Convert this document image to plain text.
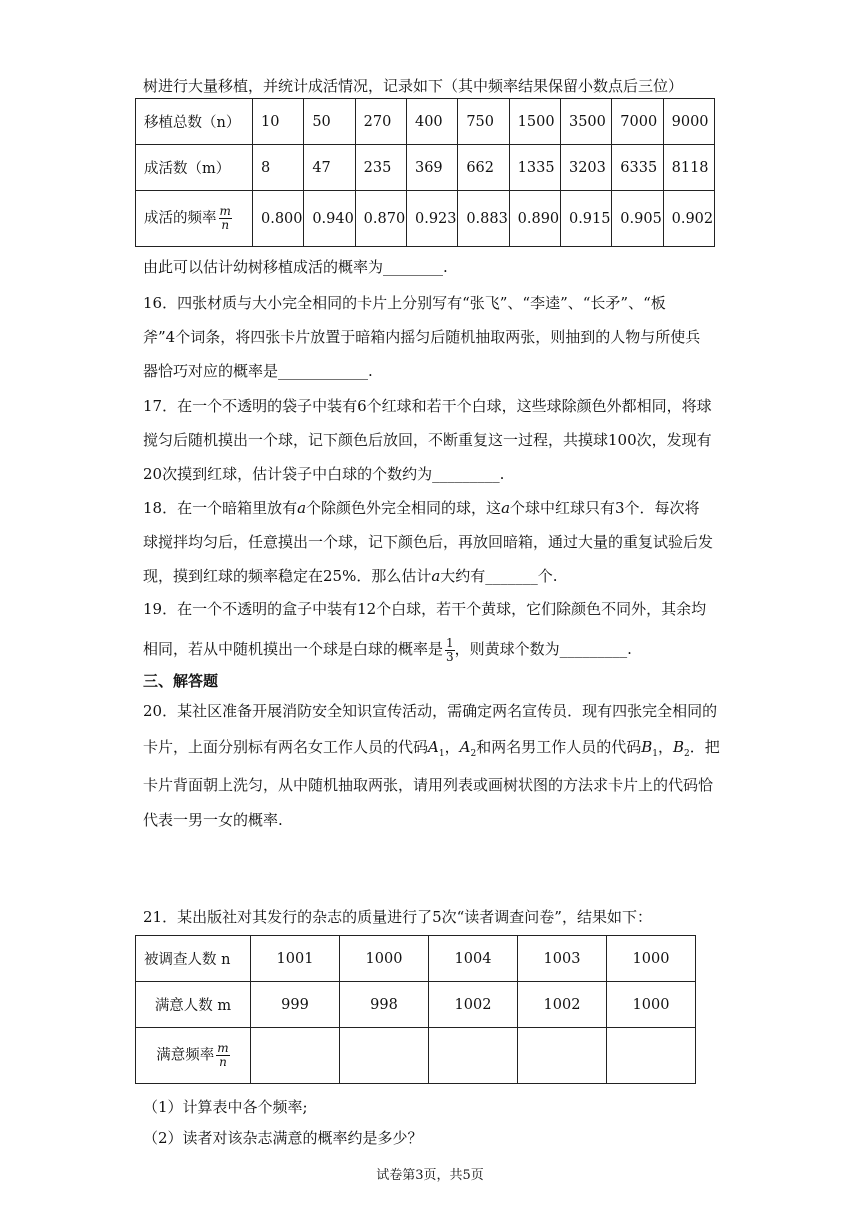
树进行大量移植，并统计成活情况，记录如下（其中频率结果保留小数点后三位）
移植总数（n）	10	50	270	400	750	1500	3500	7000	9000
成活数（m）	8	47	235	369	662	1335	3203	6335	8118
成活的频率 $\frac{m}{n}$	0.800	0.940	0.870	0.923	0.883	0.890	0.915	0.905	0.902
由此可以估计幼树移植成活的概率为________.
16．四张材质与大小完全相同的卡片上分别写有“张飞”、“李逵”、“长矛”、“板
斧”4个词条，将四张卡片放置于暗箱内摇匀后随机抽取两张，则抽到的人物与所使兵
器恰巧对应的概率是____________.
17．在一个不透明的袋子中装有6个红球和若干个白球，这些球除颜色外都相同，将球
搅匀后随机摸出一个球，记下颜色后放回，不断重复这一过程，共摸球100次，发现有
20次摸到红球，估计袋子中白球的个数约为_________.
18．在一个暗箱里放有a个除颜色外完全相同的球，这a个球中红球只有3个．每次将
球搅拌均匀后，任意摸出一个球，记下颜色后，再放回暗箱，通过大量的重复试验后发
现，摸到红球的频率稳定在25%．那么估计a大约有_______个.
19．在一个不透明的盒子中装有12个白球，若干个黄球，它们除颜色不同外，其余均
相同，若从中随机摸出一个球是白球的概率是 $\frac{1}{3}$ ，则黄球个数为_________.
三、解答题
20．某社区准备开展消防安全知识宣传活动，需确定两名宣传员．现有四张完全相同的
卡片，上面分别标有两名女工作人员的代码$A_1$，$A_2$和两名男工作人员的代码$B_1$，$B_2$．把
卡片背面朝上洗匀，从中随机抽取两张，请用列表或画树状图的方法求卡片上的代码恰
代表一男一女的概率.
21．某出版社对其发行的杂志的质量进行了5次“读者调查问卷”，结果如下：
被调查人数 n	1001	1000	1004	1003	1000
满意人数 m	999	998	1002	1002	1000
满意频率 $\frac{m}{n}$

（1）计算表中各个频率;
（2）读者对该杂志满意的概率约是多少？
试卷第3页，共5页
